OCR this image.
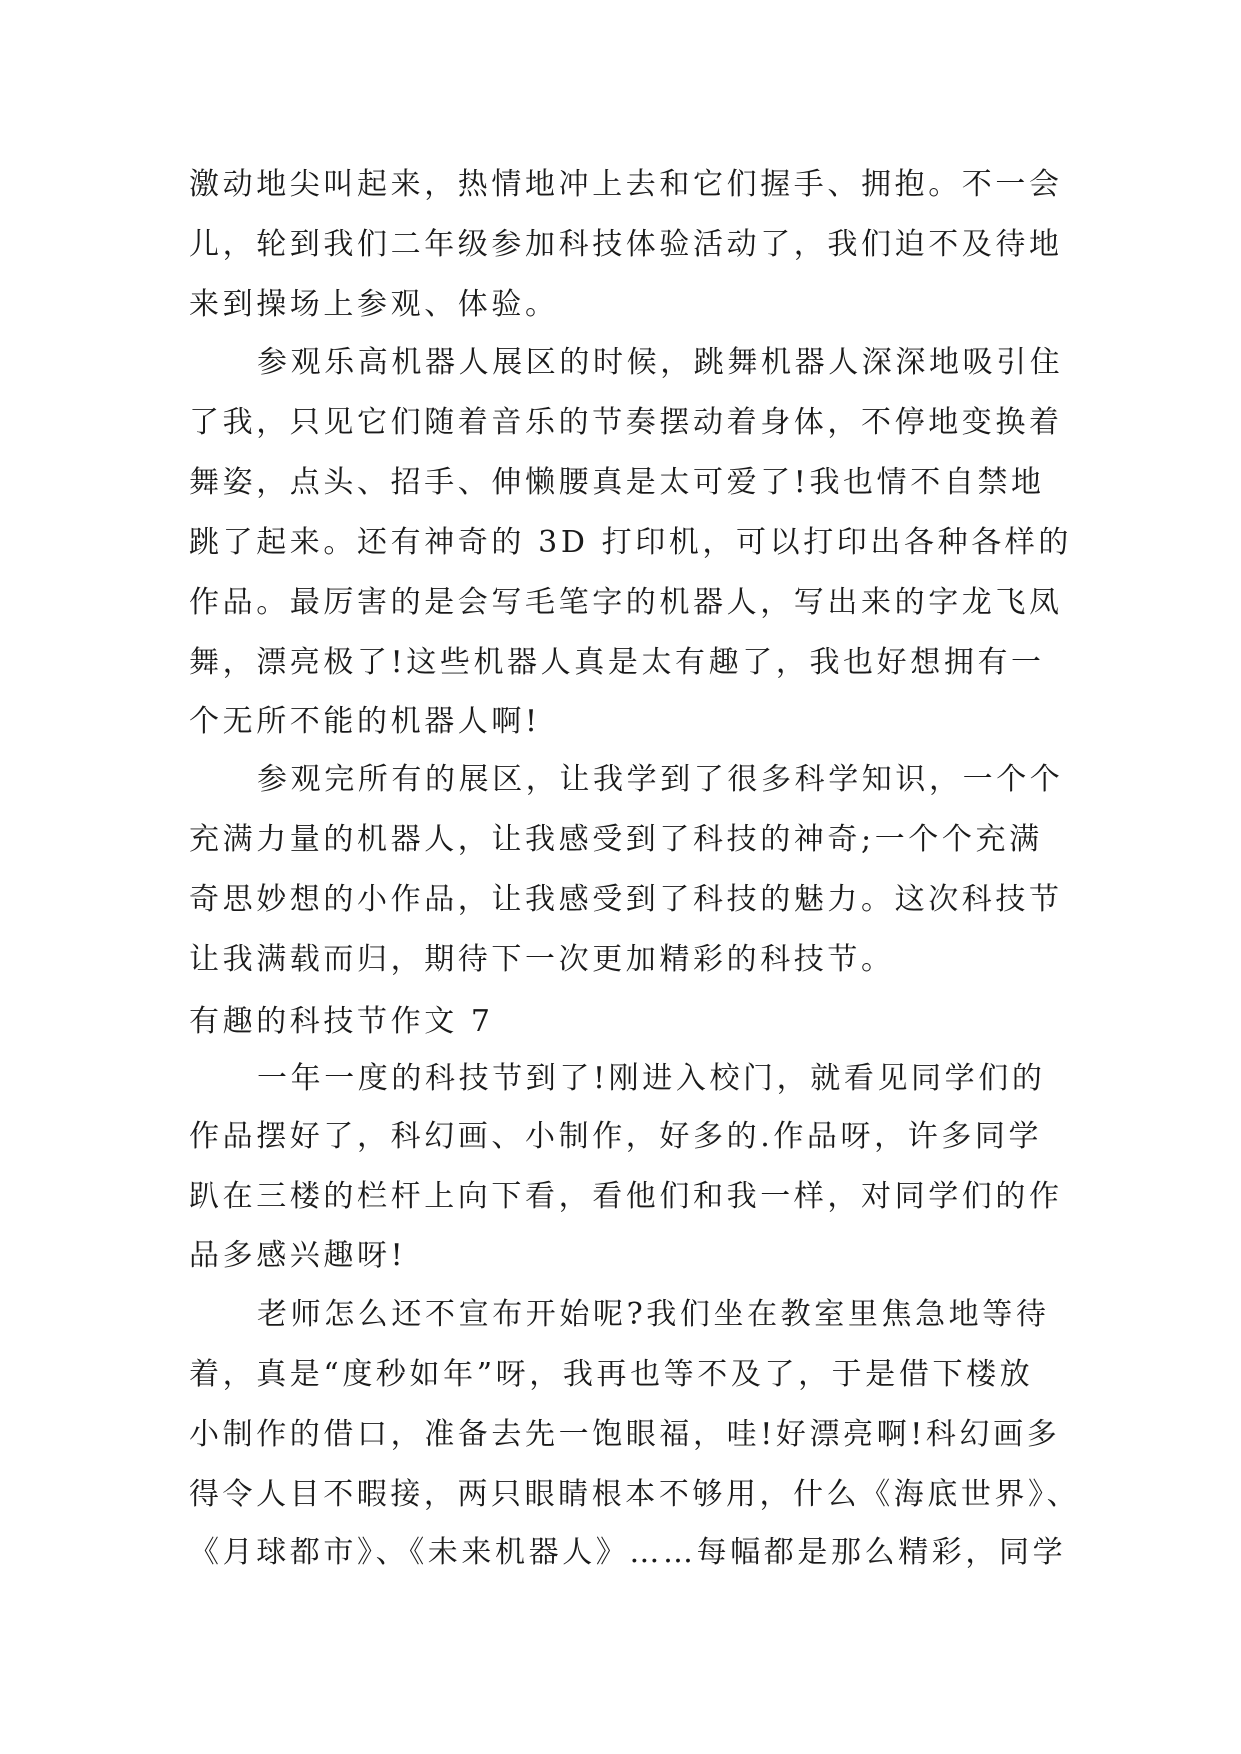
激动地尖叫起来，热情地冲上去和它们握手、拥抱。不一会

儿，轮到我们二年级参加科技体验活动了，我们迫不及待地

来到操场上参观、体验。

参观乐高机器人展区的时候，跳舞机器人深深地吸引住

了我，只见它们随着音乐的节奏摆动着身体，不停地变换着

舞姿，点头、招手、伸懒腰真是太可爱了!我也情不自禁地

跳了起来。还有神奇的 3D 打印机，可以打印出各种各样的

作品。最厉害的是会写毛笔字的机器人，写出来的字龙飞凤

舞，漂亮极了!这些机器人真是太有趣了，我也好想拥有一

个无所不能的机器人啊!

参观完所有的展区，让我学到了很多科学知识，一个个

充满力量的机器人，让我感受到了科技的神奇;一个个充满

奇思妙想的小作品，让我感受到了科技的魅力。这次科技节

让我满载而归，期待下一次更加精彩的科技节。

有趣的科技节作文 7

一年一度的科技节到了!刚进入校门，就看见同学们的

作品摆好了，科幻画、小制作，好多的.作品呀，许多同学

趴在三楼的栏杆上向下看，看他们和我一样，对同学们的作

品多感兴趣呀!

老师怎么还不宣布开始呢?我们坐在教室里焦急地等待

着，真是“度秒如年”呀，我再也等不及了，于是借下楼放

小制作的借口，准备去先一饱眼福，哇!好漂亮啊!科幻画多

得令人目不暇接，两只眼睛根本不够用，什么《海底世界》、

《月球都市》、《未来机器人》……每幅都是那么精彩，同学
